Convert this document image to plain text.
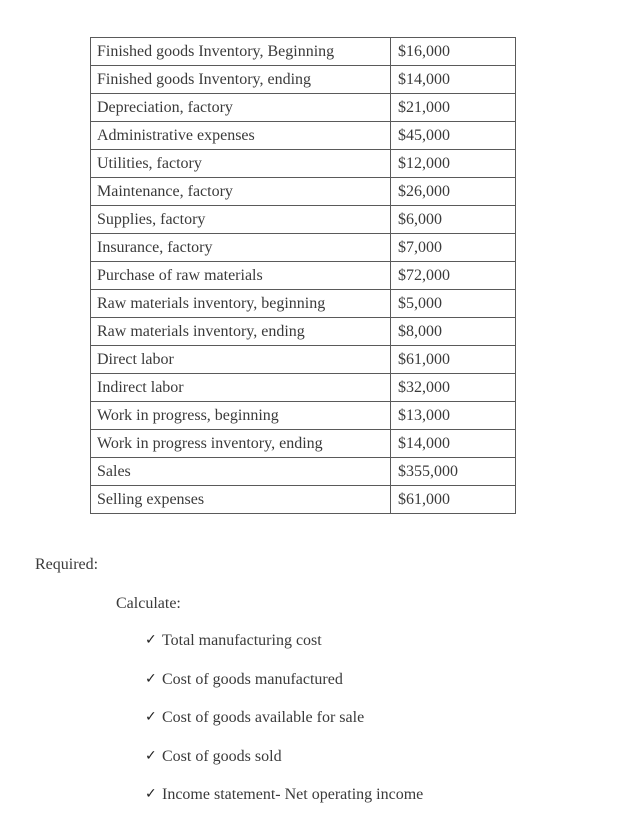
Finished goods Inventory, Beginning	$16,000
Finished goods Inventory, ending	$14,000
Depreciation, factory	$21,000
Administrative expenses	$45,000
Utilities, factory	$12,000
Maintenance, factory	$26,000
Supplies, factory	$6,000
Insurance, factory	$7,000
Purchase of raw materials	$72,000
Raw materials inventory, beginning	$5,000
Raw materials inventory, ending	$8,000
Direct labor	$61,000
Indirect labor	$32,000
Work in progress, beginning	$13,000
Work in progress inventory, ending	$14,000
Sales	$355,000
Selling expenses	$61,000
Required:
Calculate:
✓ Total manufacturing cost
✓ Cost of goods manufactured
✓ Cost of goods available for sale
✓ Cost of goods sold
✓ Income statement- Net operating income
